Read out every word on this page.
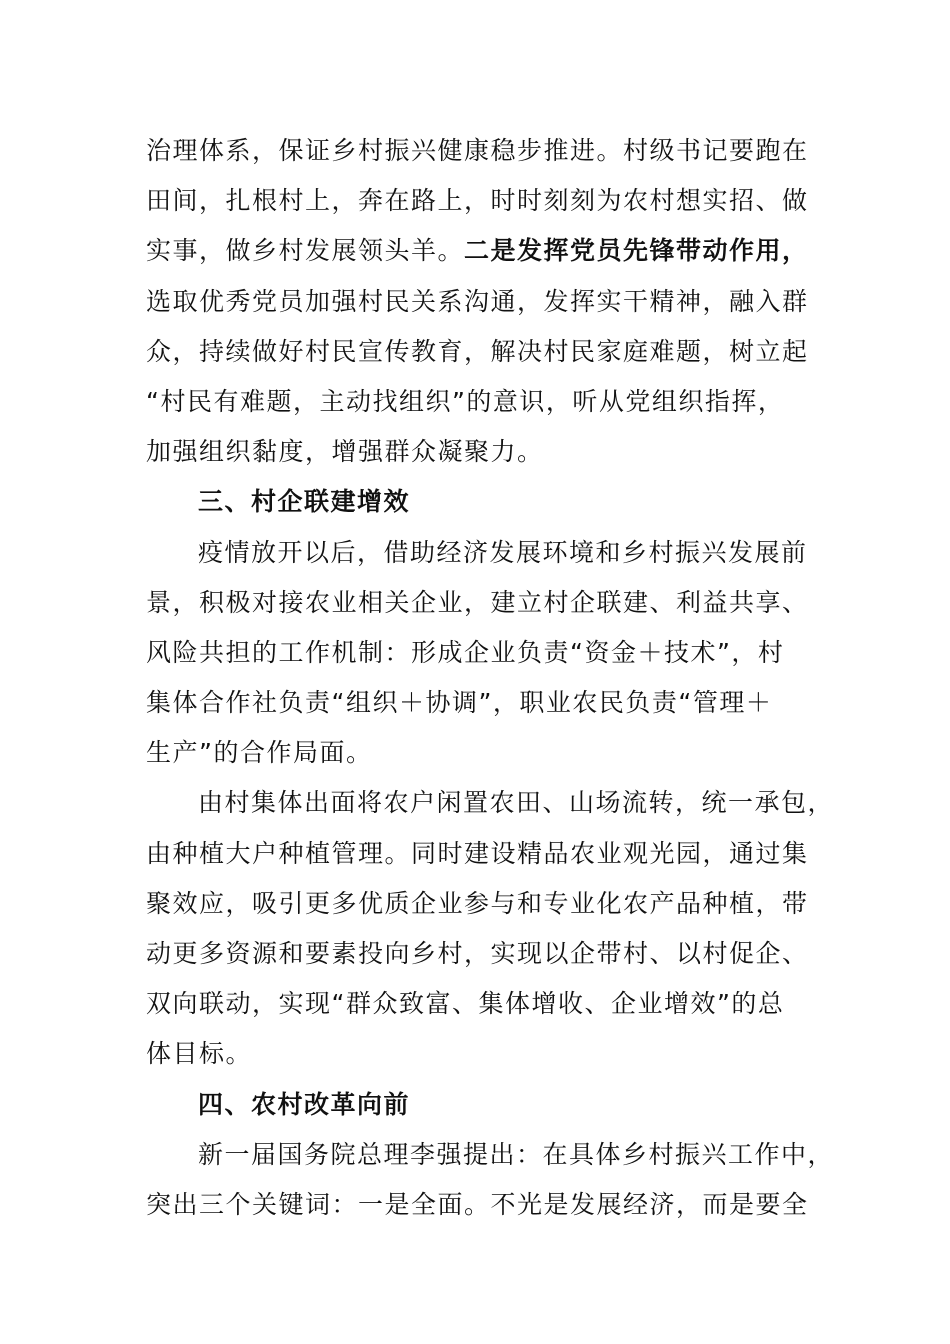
治理体系，保证乡村振兴健康稳步推进。村级书记要跑在
田间，扎根村上，奔在路上，时时刻刻为农村想实招、做
实事，做乡村发展领头羊。二是发挥党员先锋带动作用，
选取优秀党员加强村民关系沟通，发挥实干精神，融入群
众，持续做好村民宣传教育，解决村民家庭难题，树立起
“村民有难题，主动找组织”的意识，听从党组织指挥，
加强组织黏度，增强群众凝聚力。
三、村企联建增效
疫情放开以后，借助经济发展环境和乡村振兴发展前
景，积极对接农业相关企业，建立村企联建、利益共享、
风险共担的工作机制：形成企业负责“资金＋技术”，村
集体合作社负责“组织＋协调”，职业农民负责“管理＋
生产”的合作局面。
由村集体出面将农户闲置农田、山场流转，统一承包，
由种植大户种植管理。同时建设精品农业观光园，通过集
聚效应，吸引更多优质企业参与和专业化农产品种植，带
动更多资源和要素投向乡村，实现以企带村、以村促企、
双向联动，实现“群众致富、集体增收、企业增效”的总
体目标。
四、农村改革向前
新一届国务院总理李强提出：在具体乡村振兴工作中，
突出三个关键词：一是全面。不光是发展经济，而是要全
